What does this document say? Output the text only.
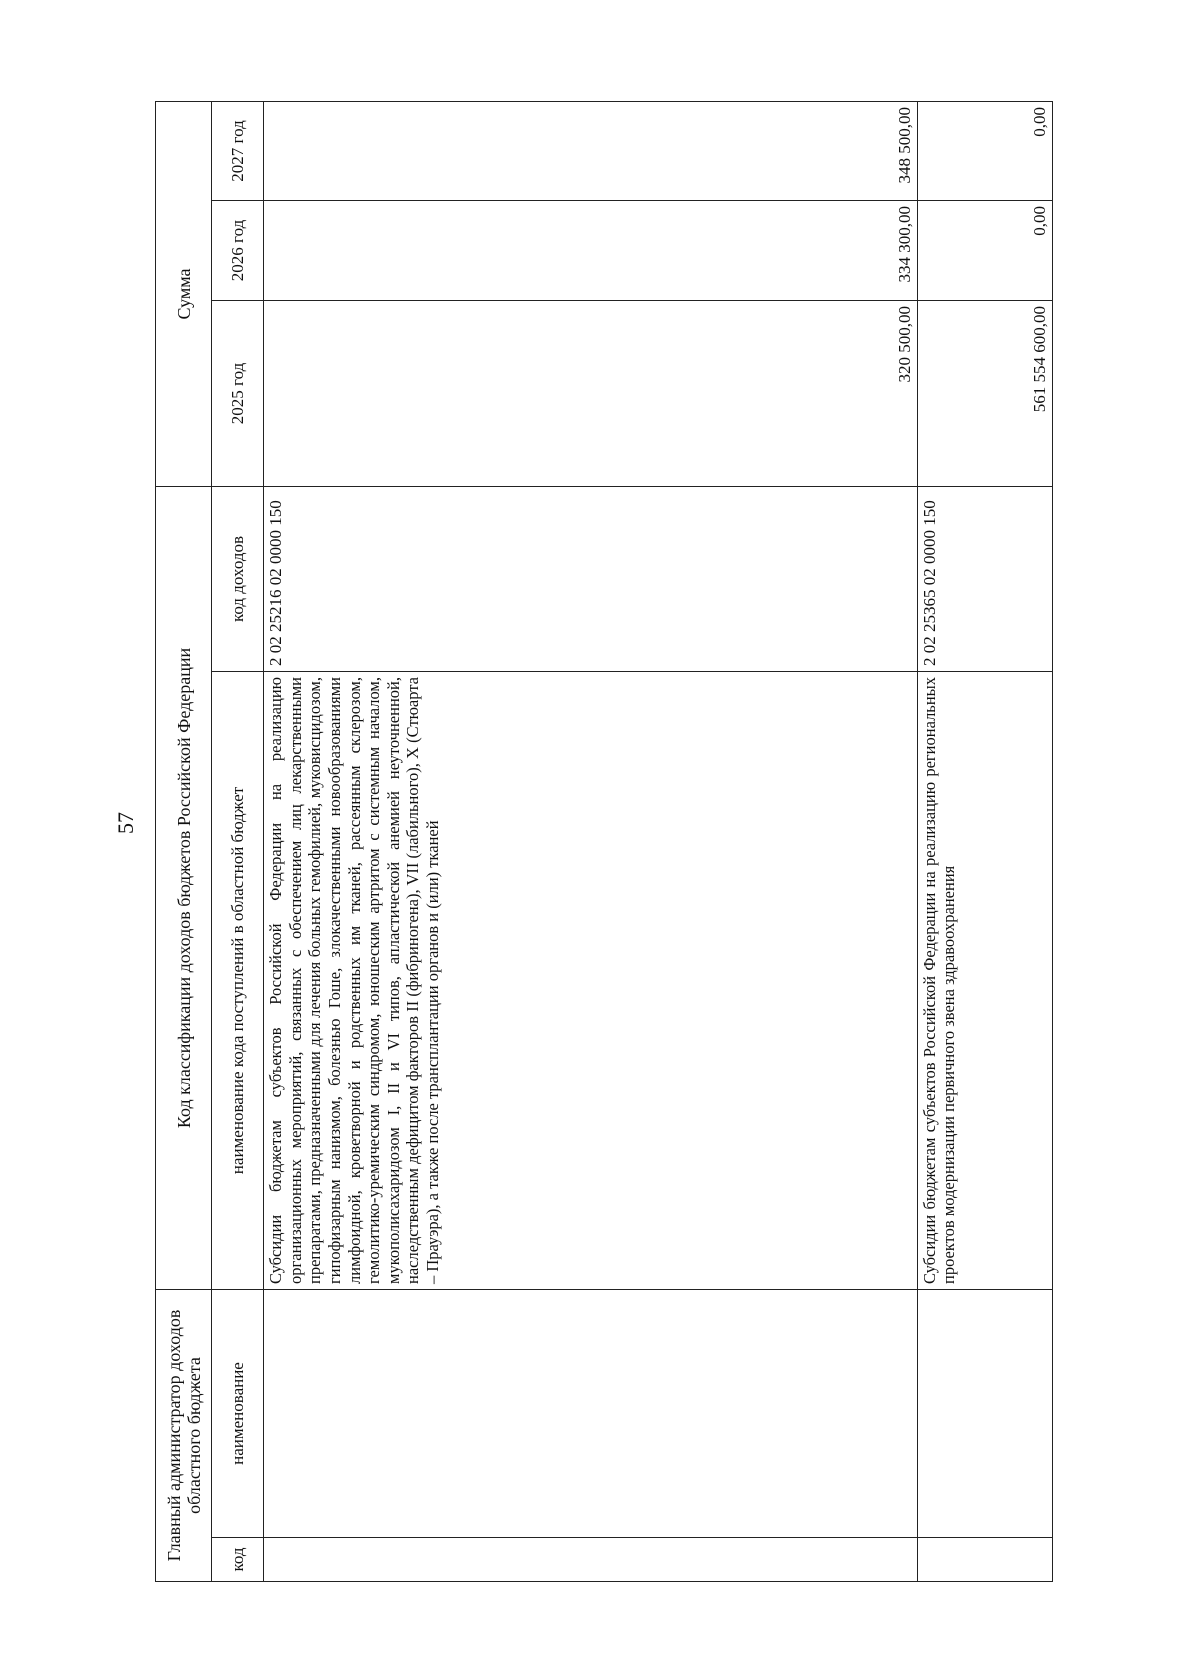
57
Главный администратор доходов областного бюджета		Код классификации доходов бюджетов Российской Федерации		Сумма		
код	наименование	наименование кода поступлений в областной бюджет	код доходов	2025 год	2026 год	2027 год
		Субсидии бюджетам субъектов Российской Федерации на реализацию организационных мероприятий, связанных с обеспечением лиц лекарственными препаратами, предназначенными для лечения больных гемофилией, муковисцидозом, гипофизарным нанизмом, болезнью Гоше, злокачественными новообразованиями лимфоидной, кроветворной и родственных им тканей, рассеянным склерозом, гемолитико-уремическим синдромом, юношеским артритом с системным началом, мукополисахаридозом I, II и VI типов, апластической анемией неуточненной, наследственным дефицитом факторов II (фибриногена), VII (лабильного), X (Стюарта – Прауэра), а также после трансплантации органов и (или) тканей	2 02 25216 02 0000 150	320 500,00	334 300,00	348 500,00
		Субсидии бюджетам субъектов Российской Федерации на реализацию региональных проектов модернизации первичного звена здравоохранения	2 02 25365 02 0000 150	561 554 600,00	0,00	0,00
